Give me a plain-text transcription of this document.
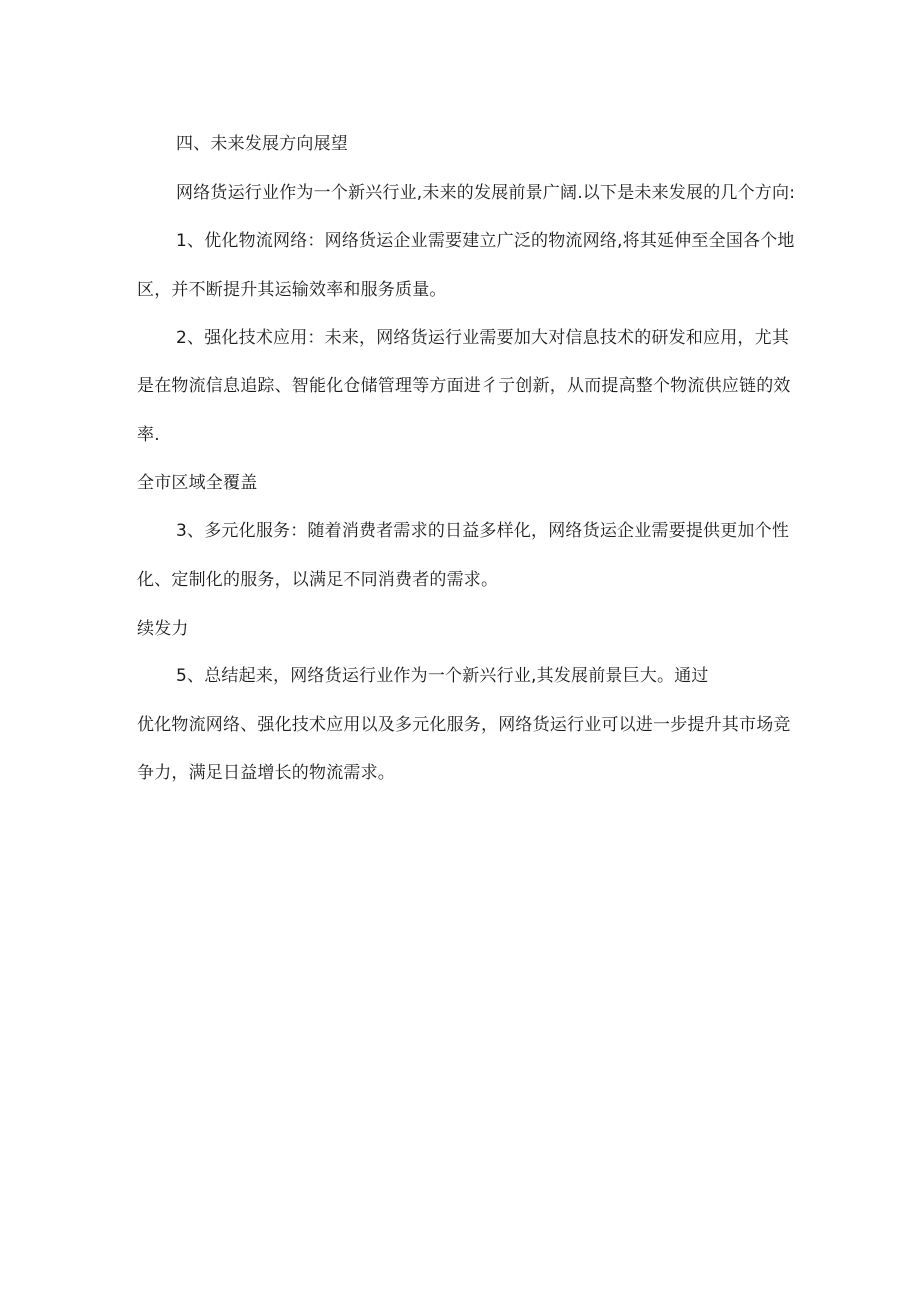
四、未来发展方向展望
网络货运行业作为一个新兴行业,未来的发展前景广阔.以下是未来发展的几个方向:
1、优化物流网络：网络货运企业需要建立广泛的物流网络,将其延伸至全国各个地
区，并不断提升其运输效率和服务质量。
2、强化技术应用：未来，网络货运行业需要加大对信息技术的研发和应用，尤其
是在物流信息追踪、智能化仓储管理等方面进彳亍创新，从而提高整个物流供应链的效
率.
全市区域全覆盖
3、多元化服务：随着消费者需求的日益多样化，网络货运企业需要提供更加个性
化、定制化的服务，以满足不同消费者的需求。
续发力
5、总结起来，网络货运行业作为一个新兴行业,其发展前景巨大。通过
优化物流网络、强化技术应用以及多元化服务，网络货运行业可以进一步提升其市场竞
争力，满足日益增长的物流需求。
